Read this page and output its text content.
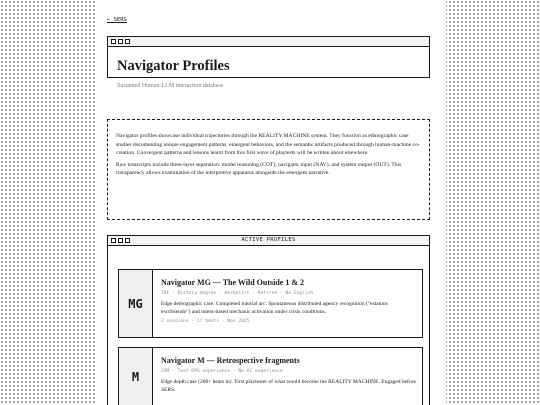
← SERS
Navigator Profiles
Sustained Human-LLM interaction database

Navigator profiles showcase individual trajectories through the REALITY MACHINE system. They function as ethnographic case studies documenting unique engagement patterns, emergent behaviors, and the semantic artifacts produced through human-machine co-creation. Convergent patterns and lessons learnt from this first wave of playtests will be written about elsewhere.

Raw transcripts include three-layer separation: model reasoning (COT), navigator input (NAV), and system output (OUT). This transparency allows examination of the interpretive apparatus alongside the emergent narrative.

ACTIVE PROFILES
MG
Navigator MG — The Wild Outside 1 & 2
70F · History degree · Herbalist · Retired · No English
Edge demographic case. Completed tutorial arc. Spontaneous distributed agency recognition ("estamos escribiendo") and intent-based mechanic activation under crisis conditions.
2 sessions · 17 beats · Nov 2025
M
Navigator M — Retrospective fragments
23M · Text RPG experience · No AI experience
Edge depth case (200+ beats in). First playtester of what would become the REALITY MACHINE. Engaged before SERS.
